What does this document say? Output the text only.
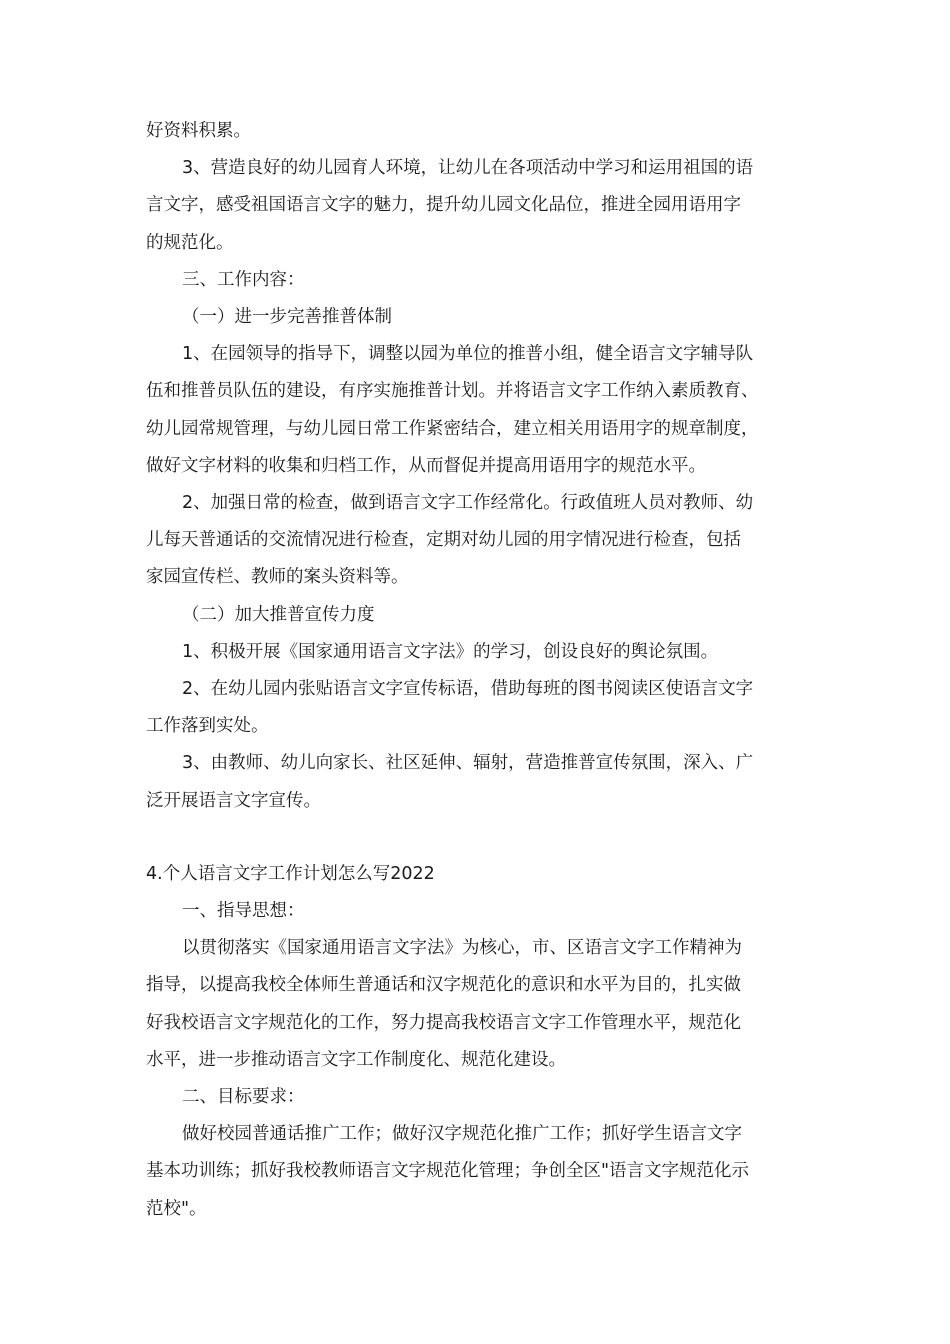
好资料积累。
3、营造良好的幼儿园育人环境，让幼儿在各项活动中学习和运用祖国的语
言文字，感受祖国语言文字的魅力，提升幼儿园文化品位，推进全园用语用字
的规范化。
三、工作内容：
（一）进一步完善推普体制
1、在园领导的指导下，调整以园为单位的推普小组，健全语言文字辅导队
伍和推普员队伍的建设，有序实施推普计划。并将语言文字工作纳入素质教育、
幼儿园常规管理，与幼儿园日常工作紧密结合，建立相关用语用字的规章制度，
做好文字材料的收集和归档工作，从而督促并提高用语用字的规范水平。
2、加强日常的检查，做到语言文字工作经常化。行政值班人员对教师、幼
儿每天普通话的交流情况进行检查，定期对幼儿园的用字情况进行检查，包括
家园宣传栏、教师的案头资料等。
（二）加大推普宣传力度
1、积极开展《国家通用语言文字法》的学习，创设良好的舆论氛围。
2、在幼儿园内张贴语言文字宣传标语，借助每班的图书阅读区使语言文字
工作落到实处。
3、由教师、幼儿向家长、社区延伸、辐射，营造推普宣传氛围，深入、广
泛开展语言文字宣传。
4.个人语言文字工作计划怎么写2022
一、指导思想：
以贯彻落实《国家通用语言文字法》为核心，市、区语言文字工作精神为
指导，以提高我校全体师生普通话和汉字规范化的意识和水平为目的，扎实做
好我校语言文字规范化的工作，努力提高我校语言文字工作管理水平，规范化
水平，进一步推动语言文字工作制度化、规范化建设。
二、目标要求：
做好校园普通话推广工作；做好汉字规范化推广工作；抓好学生语言文字
基本功训练；抓好我校教师语言文字规范化管理；争创全区"语言文字规范化示
范校"。
